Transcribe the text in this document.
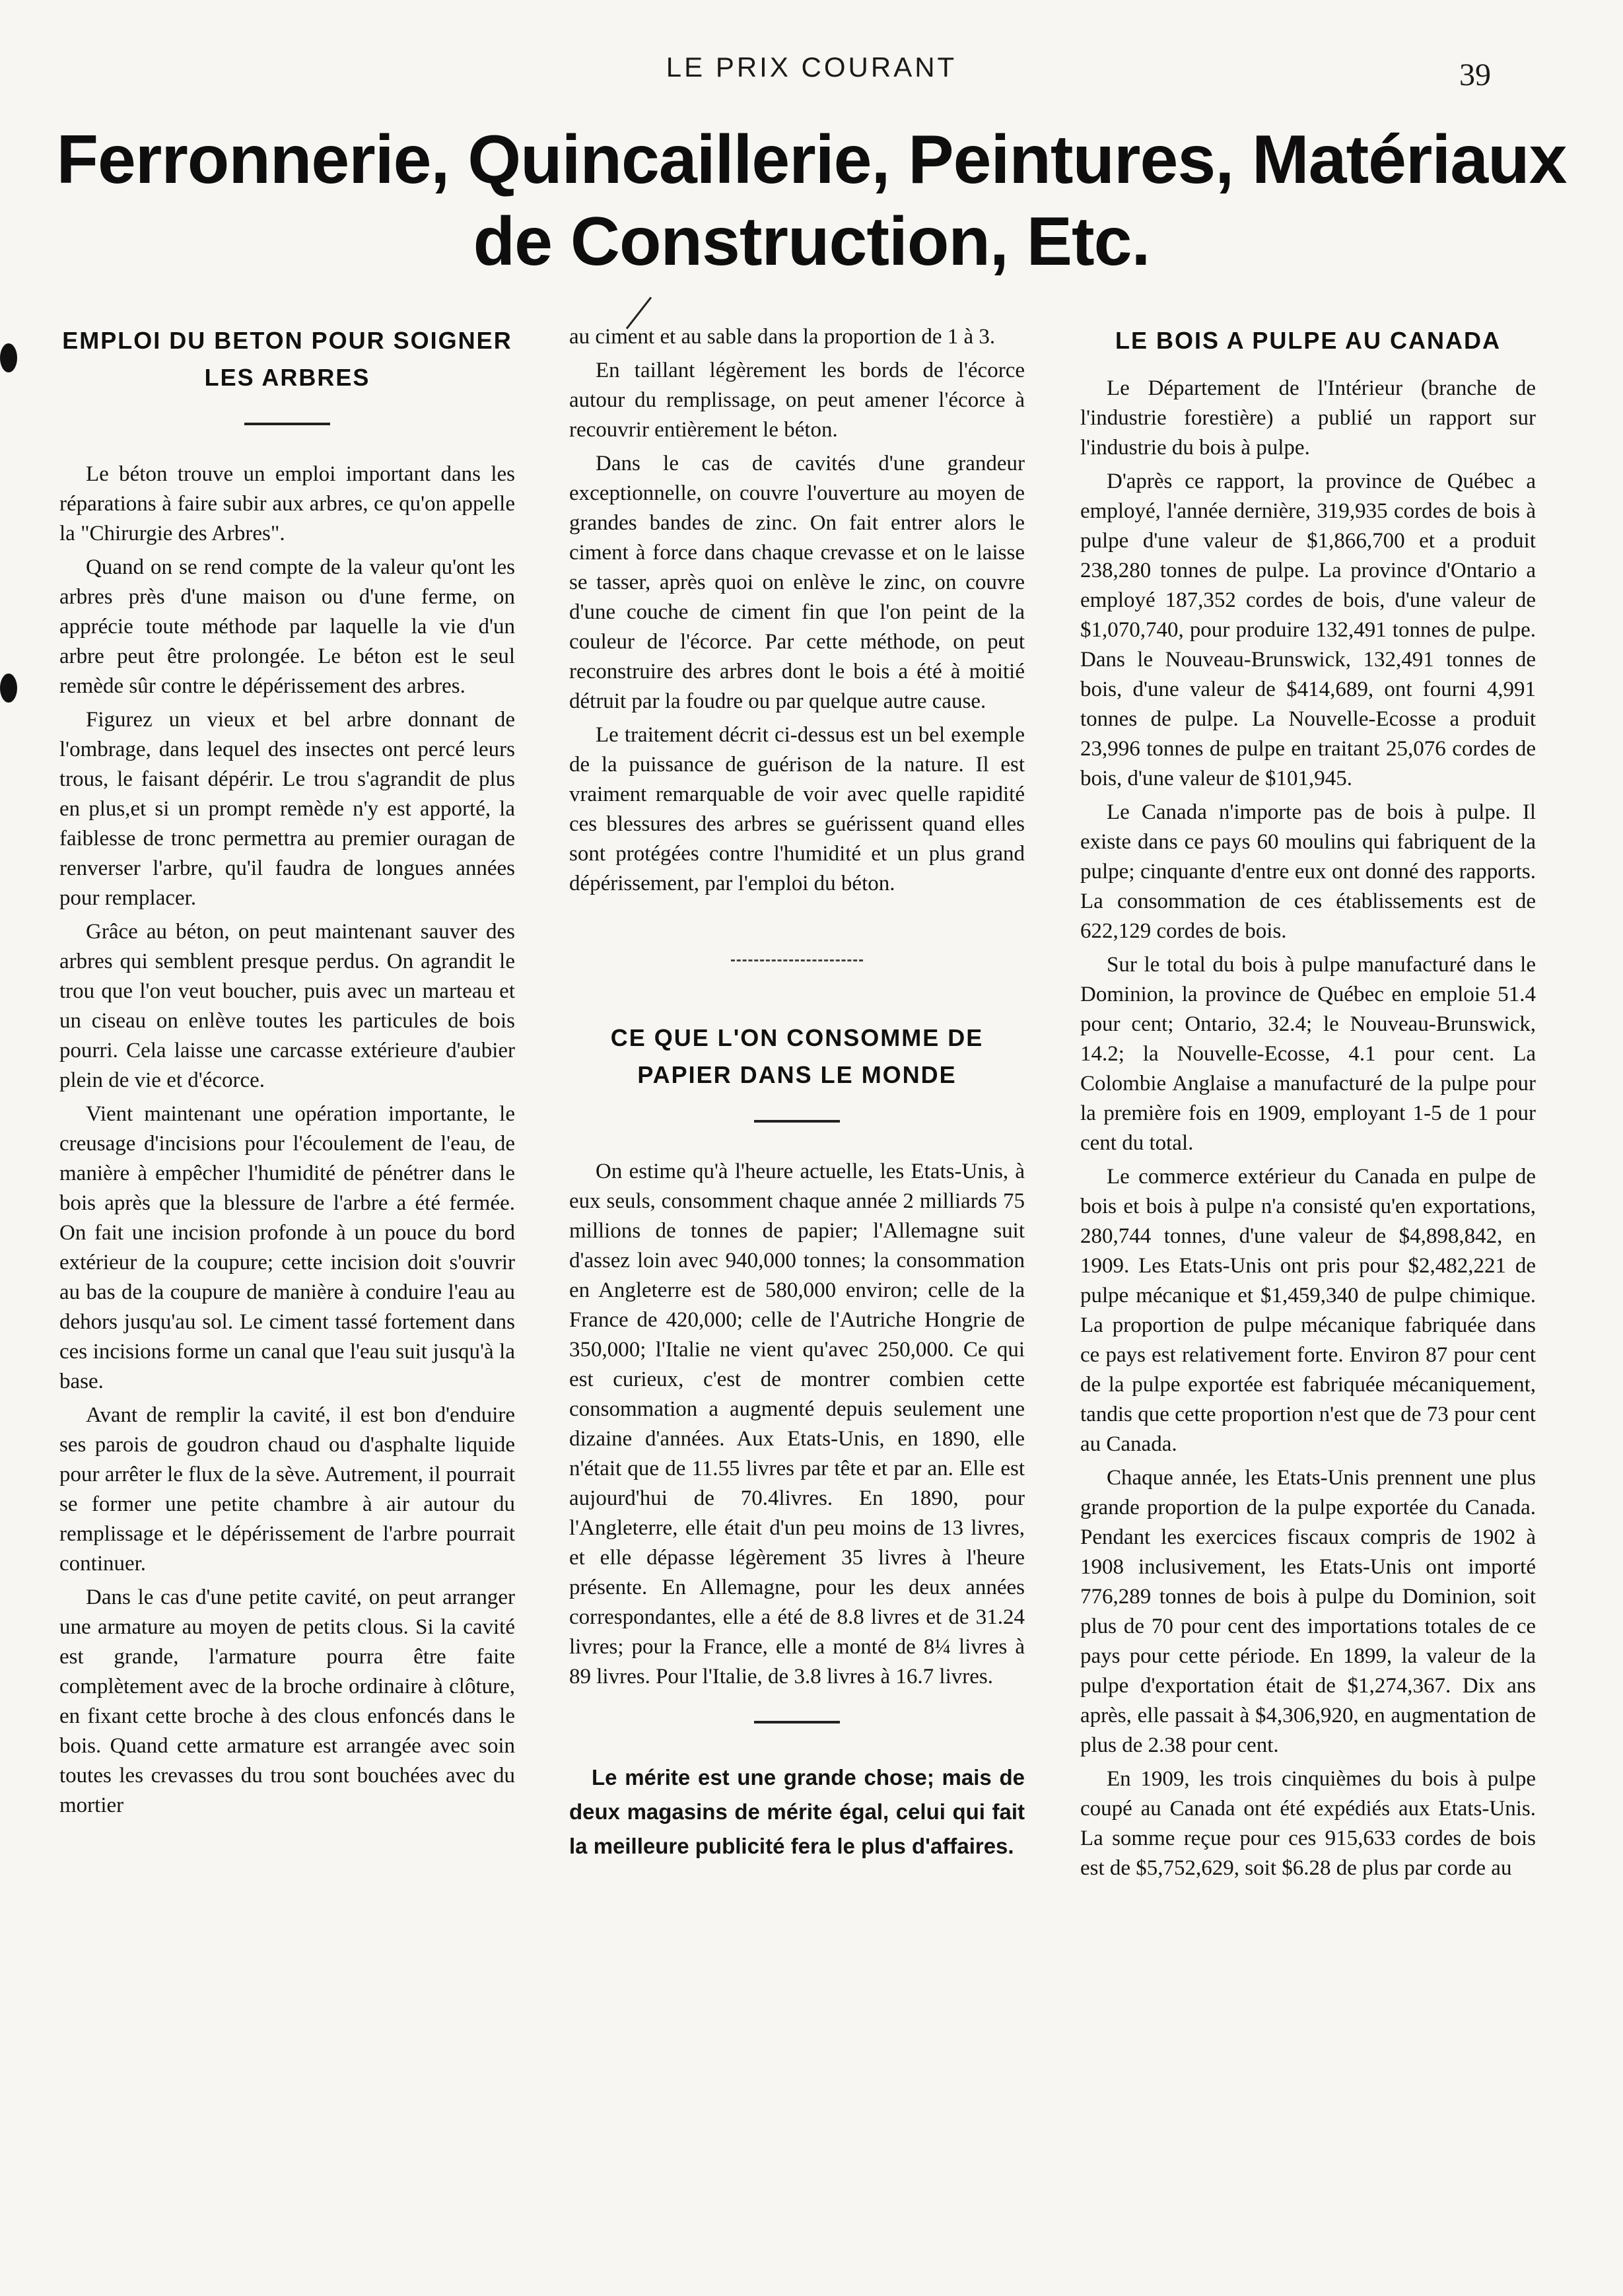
LE PRIX COURANT	39
Ferronnerie, Quincaillerie, Peintures, Matériaux
de Construction, Etc.
EMPLOI DU BETON POUR SOIGNER LES ARBRES

Le béton trouve un emploi important dans les réparations à faire subir aux arbres, ce qu'on appelle la "Chirurgie des Arbres".

Quand on se rend compte de la valeur qu'ont les arbres près d'une maison ou d'une ferme, on apprécie toute méthode par laquelle la vie d'un arbre peut être prolongée. Le béton est le seul remède sûr contre le dépérissement des arbres.

Figurez un vieux et bel arbre donnant de l'ombrage, dans lequel des insectes ont percé leurs trous, le faisant dépérir. Le trou s'agrandit de plus en plus,et si un prompt remède n'y est apporté, la faiblesse de tronc permettra au premier ouragan de renverser l'arbre, qu'il faudra de longues années pour remplacer.

Grâce au béton, on peut maintenant sauver des arbres qui semblent presque perdus. On agrandit le trou que l'on veut boucher, puis avec un marteau et un ciseau on enlève toutes les particules de bois pourri. Cela laisse une carcasse extérieure d'aubier plein de vie et d'écorce.

Vient maintenant une opération importante, le creusage d'incisions pour l'écoulement de l'eau, de manière à empêcher l'humidité de pénétrer dans le bois après que la blessure de l'arbre a été fermée. On fait une incision profonde à un pouce du bord extérieur de la coupure; cette incision doit s'ouvrir au bas de la coupure de manière à conduire l'eau au dehors jusqu'au sol. Le ciment tassé fortement dans ces incisions forme un canal que l'eau suit jusqu'à la base.

Avant de remplir la cavité, il est bon d'enduire ses parois de goudron chaud ou d'asphalte liquide pour arrêter le flux de la sève. Autrement, il pourrait se former une petite chambre à air autour du remplissage et le dépérissement de l'arbre pourrait continuer.

Dans le cas d'une petite cavité, on peut arranger une armature au moyen de petits clous. Si la cavité est grande, l'armature pourra être faite complètement avec de la broche ordinaire à clôture, en fixant cette broche à des clous enfoncés dans le bois. Quand cette armature est arrangée avec soin toutes les crevasses du trou sont bouchées avec du mortier

au ciment et au sable dans la proportion de 1 à 3.

En taillant légèrement les bords de l'écorce autour du remplissage, on peut amener l'écorce à recouvrir entièrement le béton.

Dans le cas de cavités d'une grandeur exceptionnelle, on couvre l'ouverture au moyen de grandes bandes de zinc. On fait entrer alors le ciment à force dans chaque crevasse et on le laisse se tasser, après quoi on enlève le zinc, on couvre d'une couche de ciment fin que l'on peint de la couleur de l'écorce. Par cette méthode, on peut reconstruire des arbres dont le bois a été à moitié détruit par la foudre ou par quelque autre cause.

Le traitement décrit ci-dessus est un bel exemple de la puissance de guérison de la nature. Il est vraiment remarquable de voir avec quelle rapidité ces blessures des arbres se guérissent quand elles sont protégées contre l'humidité et un plus grand dépérissement, par l'emploi du béton.

CE QUE L'ON CONSOMME DE PAPIER DANS LE MONDE

On estime qu'à l'heure actuelle, les Etats-Unis, à eux seuls, consomment chaque année 2 milliards 75 millions de tonnes de papier; l'Allemagne suit d'assez loin avec 940,000 tonnes; la consommation en Angleterre est de 580,000 environ; celle de la France de 420,000; celle de l'Autriche Hongrie de 350,000; l'Italie ne vient qu'avec 250,000. Ce qui est curieux, c'est de montrer combien cette consommation a augmenté depuis seulement une dizaine d'années. Aux Etats-Unis, en 1890, elle n'était que de 11.55 livres par tête et par an. Elle est aujourd'hui de 70.4livres. En 1890, pour l'Angleterre, elle était d'un peu moins de 13 livres, et elle dépasse légèrement 35 livres à l'heure présente. En Allemagne, pour les deux années correspondantes, elle a été de 8.8 livres et de 31.24 livres; pour la France, elle a monté de 8¼ livres à 89 livres. Pour l'Italie, de 3.8 livres à 16.7 livres.

Le mérite est une grande chose; mais de deux magasins de mérite égal, celui qui fait la meilleure publicité fera le plus d'affaires.

LE BOIS A PULPE AU CANADA

Le Département de l'Intérieur (branche de l'industrie forestière) a publié un rapport sur l'industrie du bois à pulpe.

D'après ce rapport, la province de Québec a employé, l'année dernière, 319,935 cordes de bois à pulpe d'une valeur de $1,866,700 et a produit 238,280 tonnes de pulpe. La province d'Ontario a employé 187,352 cordes de bois, d'une valeur de $1,070,740, pour produire 132,491 tonnes de pulpe. Dans le Nouveau-Brunswick, 132,491 tonnes de bois, d'une valeur de $414,689, ont fourni 4,991 tonnes de pulpe. La Nouvelle-Ecosse a produit 23,996 tonnes de pulpe en traitant 25,076 cordes de bois, d'une valeur de $101,945.

Le Canada n'importe pas de bois à pulpe. Il existe dans ce pays 60 moulins qui fabriquent de la pulpe; cinquante d'entre eux ont donné des rapports. La consommation de ces établissements est de 622,129 cordes de bois.

Sur le total du bois à pulpe manufacturé dans le Dominion, la province de Québec en emploie 51.4 pour cent; Ontario, 32.4; le Nouveau-Brunswick, 14.2; la Nouvelle-Ecosse, 4.1 pour cent. La Colombie Anglaise a manufacturé de la pulpe pour la première fois en 1909, employant 1-5 de 1 pour cent du total.

Le commerce extérieur du Canada en pulpe de bois et bois à pulpe n'a consisté qu'en exportations, 280,744 tonnes, d'une valeur de $4,898,842, en 1909. Les Etats-Unis ont pris pour $2,482,221 de pulpe mécanique et $1,459,340 de pulpe chimique. La proportion de pulpe mécanique fabriquée dans ce pays est relativement forte. Environ 87 pour cent de la pulpe exportée est fabriquée mécaniquement, tandis que cette proportion n'est que de 73 pour cent au Canada.

Chaque année, les Etats-Unis prennent une plus grande proportion de la pulpe exportée du Canada. Pendant les exercices fiscaux compris de 1902 à 1908 inclusivement, les Etats-Unis ont importé 776,289 tonnes de bois à pulpe du Dominion, soit plus de 70 pour cent des importations totales de ce pays pour cette période. En 1899, la valeur de la pulpe d'exportation était de $1,274,367. Dix ans après, elle passait à $4,306,920, en augmentation de plus de 2.38 pour cent.

En 1909, les trois cinquièmes du bois à pulpe coupé au Canada ont été expédiés aux Etats-Unis. La somme reçue pour ces 915,633 cordes de bois est de $5,752,629, soit $6.28 de plus par corde au
